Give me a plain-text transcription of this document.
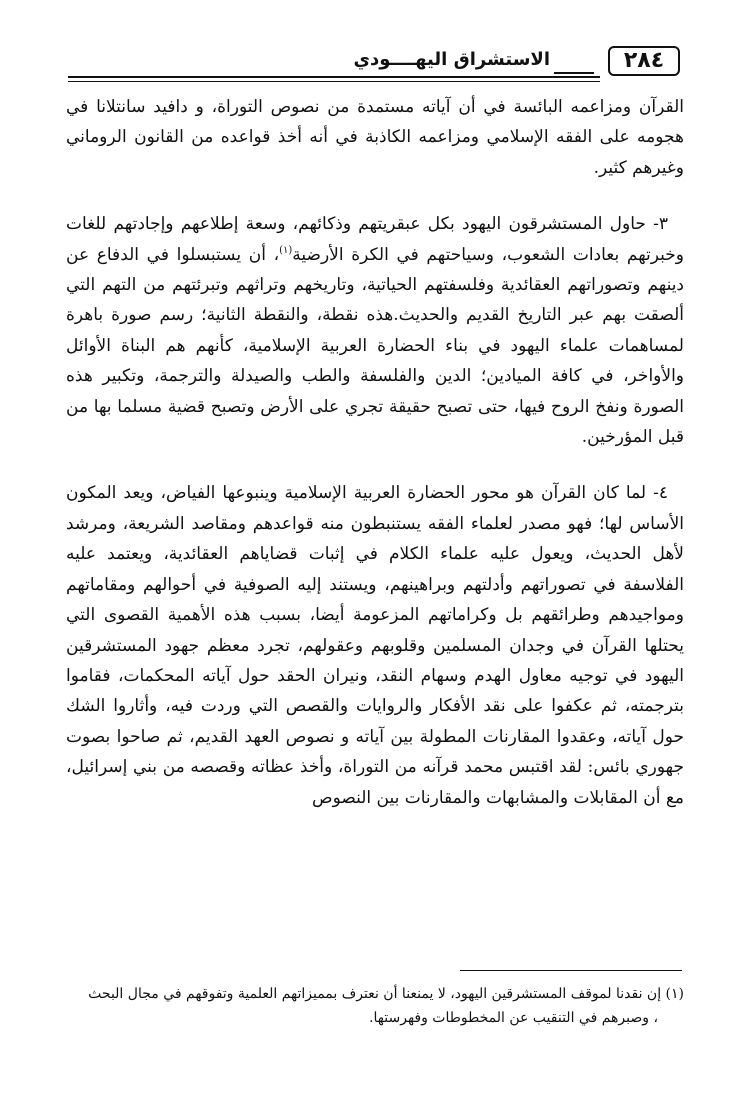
٢٨٤
الاستشراق اليهــــودي

القرآن ومزاعمه البائسة في أن آياته مستمدة من نصوص التوراة، و دافيد سانتلانا في هجومه على الفقه الإسلامي ومزاعمه الكاذبة في أنه أخذ قواعده من القانون الروماني وغيرهم كثير.

٣- حاول المستشرقون اليهود بكل عبقريتهم وذكائهم، وسعة إطلاعهم وإجادتهم للغات وخبرتهم بعادات الشعوب، وسياحتهم في الكرة الأرضية$^{(١)}$، أن يستبسلوا في الدفاع عن دينهم وتصوراتهم العقائدية وفلسفتهم الحياتية، وتاريخهم وتراثهم وتبرئتهم من التهم التي ألصقت بهم عبر التاريخ القديم والحديث.هذه نقطة، والنقطة الثانية؛ رسم صورة باهرة لمساهمات علماء اليهود في بناء الحضارة العربية الإسلامية، كأنهم هم البناة الأوائل والأواخر، في كافة الميادين؛ الدين والفلسفة والطب والصيدلة والترجمة، وتكبير هذه الصورة ونفخ الروح فيها، حتى تصبح حقيقة تجري على الأرض وتصبح قضية مسلما بها من قبل المؤرخين.

٤- لما كان القرآن هو محور الحضارة العربية الإسلامية وينبوعها الفياض، ويعد المكون الأساس لها؛ فهو مصدر لعلماء الفقه يستنبطون منه قواعدهم ومقاصد الشريعة، ومرشد لأهل الحديث، ويعول عليه علماء الكلام في إثبات قضاياهم العقائدية، ويعتمد عليه الفلاسفة في تصوراتهم وأدلتهم وبراهينهم، ويستند إليه الصوفية في أحوالهم ومقاماتهم ومواجيدهم وطرائقهم بل وكراماتهم المزعومة أيضا، بسبب هذه الأهمية القصوى التي يحتلها القرآن في وجدان المسلمين وقلوبهم وعقولهم، تجرد معظم جهود المستشرقين اليهود في توجيه معاول الهدم وسهام النقد، ونيران الحقد حول آياته المحكمات، فقاموا بترجمته، ثم عكفوا على نقد الأفكار والروايات والقصص التي وردت فيه، وأثاروا الشك حول آياته، وعقدوا المقارنات المطولة بين آياته و نصوص العهد القديم، ثم صاحوا بصوت جهوري بائس: لقد اقتبس محمد قرآنه من التوراة، وأخذ عظاته وقصصه من بني إسرائيل، مع أن المقابلات والمشابهات والمقارنات بين النصوص

(١) إن نقدنا لموقف المستشرقين اليهود، لا يمنعنا أن نعترف بمميزاتهم العلمية وتفوقهم في مجال البحث

، وصبرهم في التنقيب عن المخطوطات وفهرستها.
